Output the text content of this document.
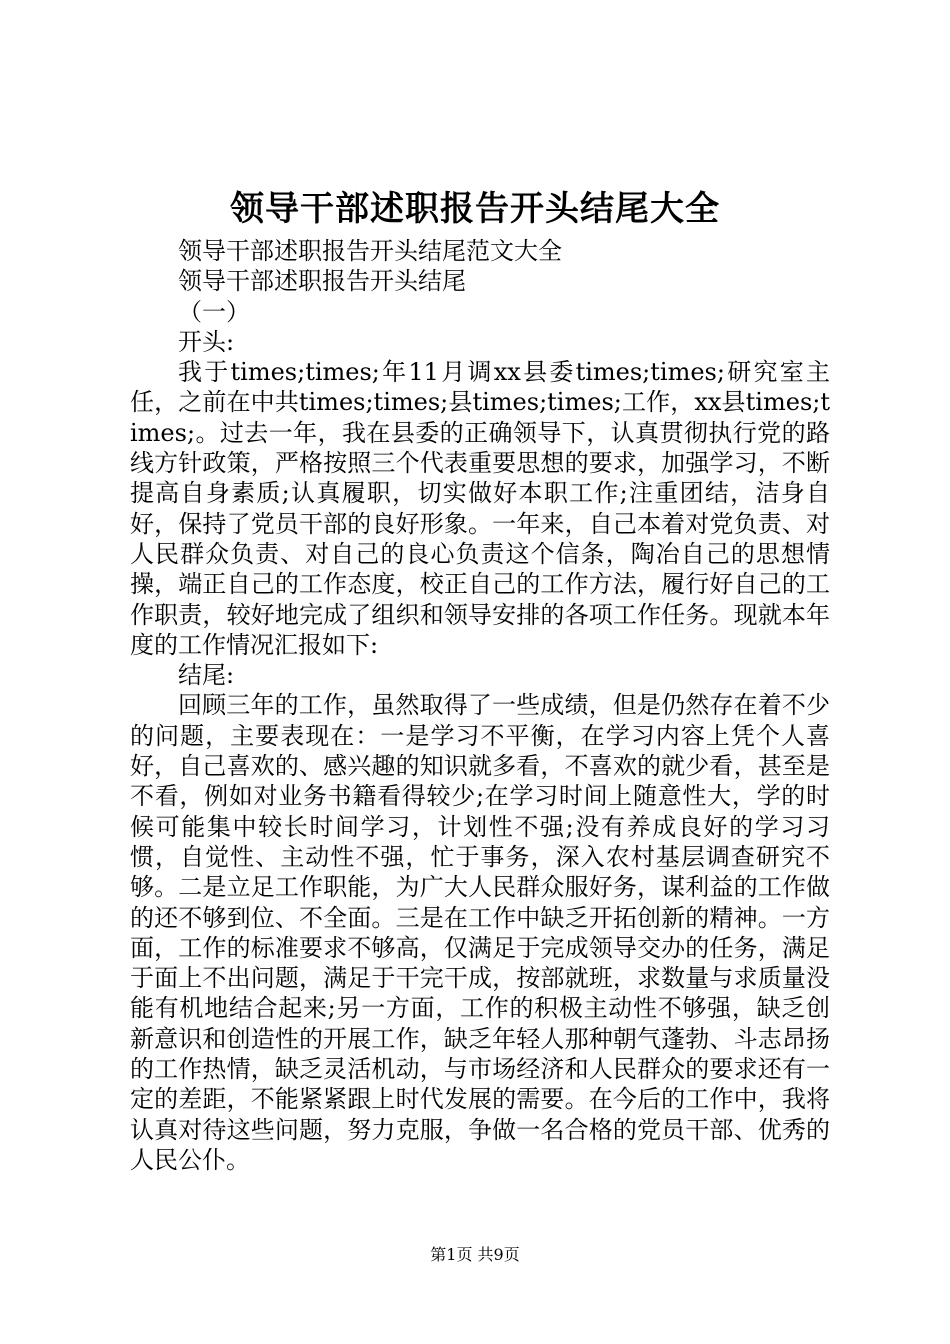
领导干部述职报告开头结尾大全

领导干部述职报告开头结尾范文大全

领导干部述职报告开头结尾

（一）

开头:

我于times;times;年11月调xx县委times;times;研究室主任，之前在中共times;times;县times;times;工作，xx县times;times;。过去一年，我在县委的正确领导下，认真贯彻执行党的路线方针政策，严格按照三个代表重要思想的要求，加强学习，不断提高自身素质;认真履职，切实做好本职工作;注重团结，洁身自好，保持了党员干部的良好形象。一年来，自己本着对党负责、对人民群众负责、对自己的良心负责这个信条，陶冶自己的思想情操，端正自己的工作态度，校正自己的工作方法，履行好自己的工作职责，较好地完成了组织和领导安排的各项工作任务。现就本年度的工作情况汇报如下:

结尾:

回顾三年的工作，虽然取得了一些成绩，但是仍然存在着不少的问题，主要表现在：一是学习不平衡，在学习内容上凭个人喜好，自己喜欢的、感兴趣的知识就多看，不喜欢的就少看，甚至是不看，例如对业务书籍看得较少;在学习时间上随意性大，学的时候可能集中较长时间学习，计划性不强;没有养成良好的学习习惯，自觉性、主动性不强，忙于事务，深入农村基层调查研究不够。二是立足工作职能，为广大人民群众服好务，谋利益的工作做的还不够到位、不全面。三是在工作中缺乏开拓创新的精神。一方面，工作的标准要求不够高，仅满足于完成领导交办的任务，满足于面上不出问题，满足于干完干成，按部就班，求数量与求质量没能有机地结合起来;另一方面，工作的积极主动性不够强，缺乏创新意识和创造性的开展工作，缺乏年轻人那种朝气蓬勃、斗志昂扬的工作热情，缺乏灵活机动，与市场经济和人民群众的要求还有一定的差距，不能紧紧跟上时代发展的需要。在今后的工作中，我将认真对待这些问题，努力克服，争做一名合格的党员干部、优秀的人民公仆。

第1页 共9页
